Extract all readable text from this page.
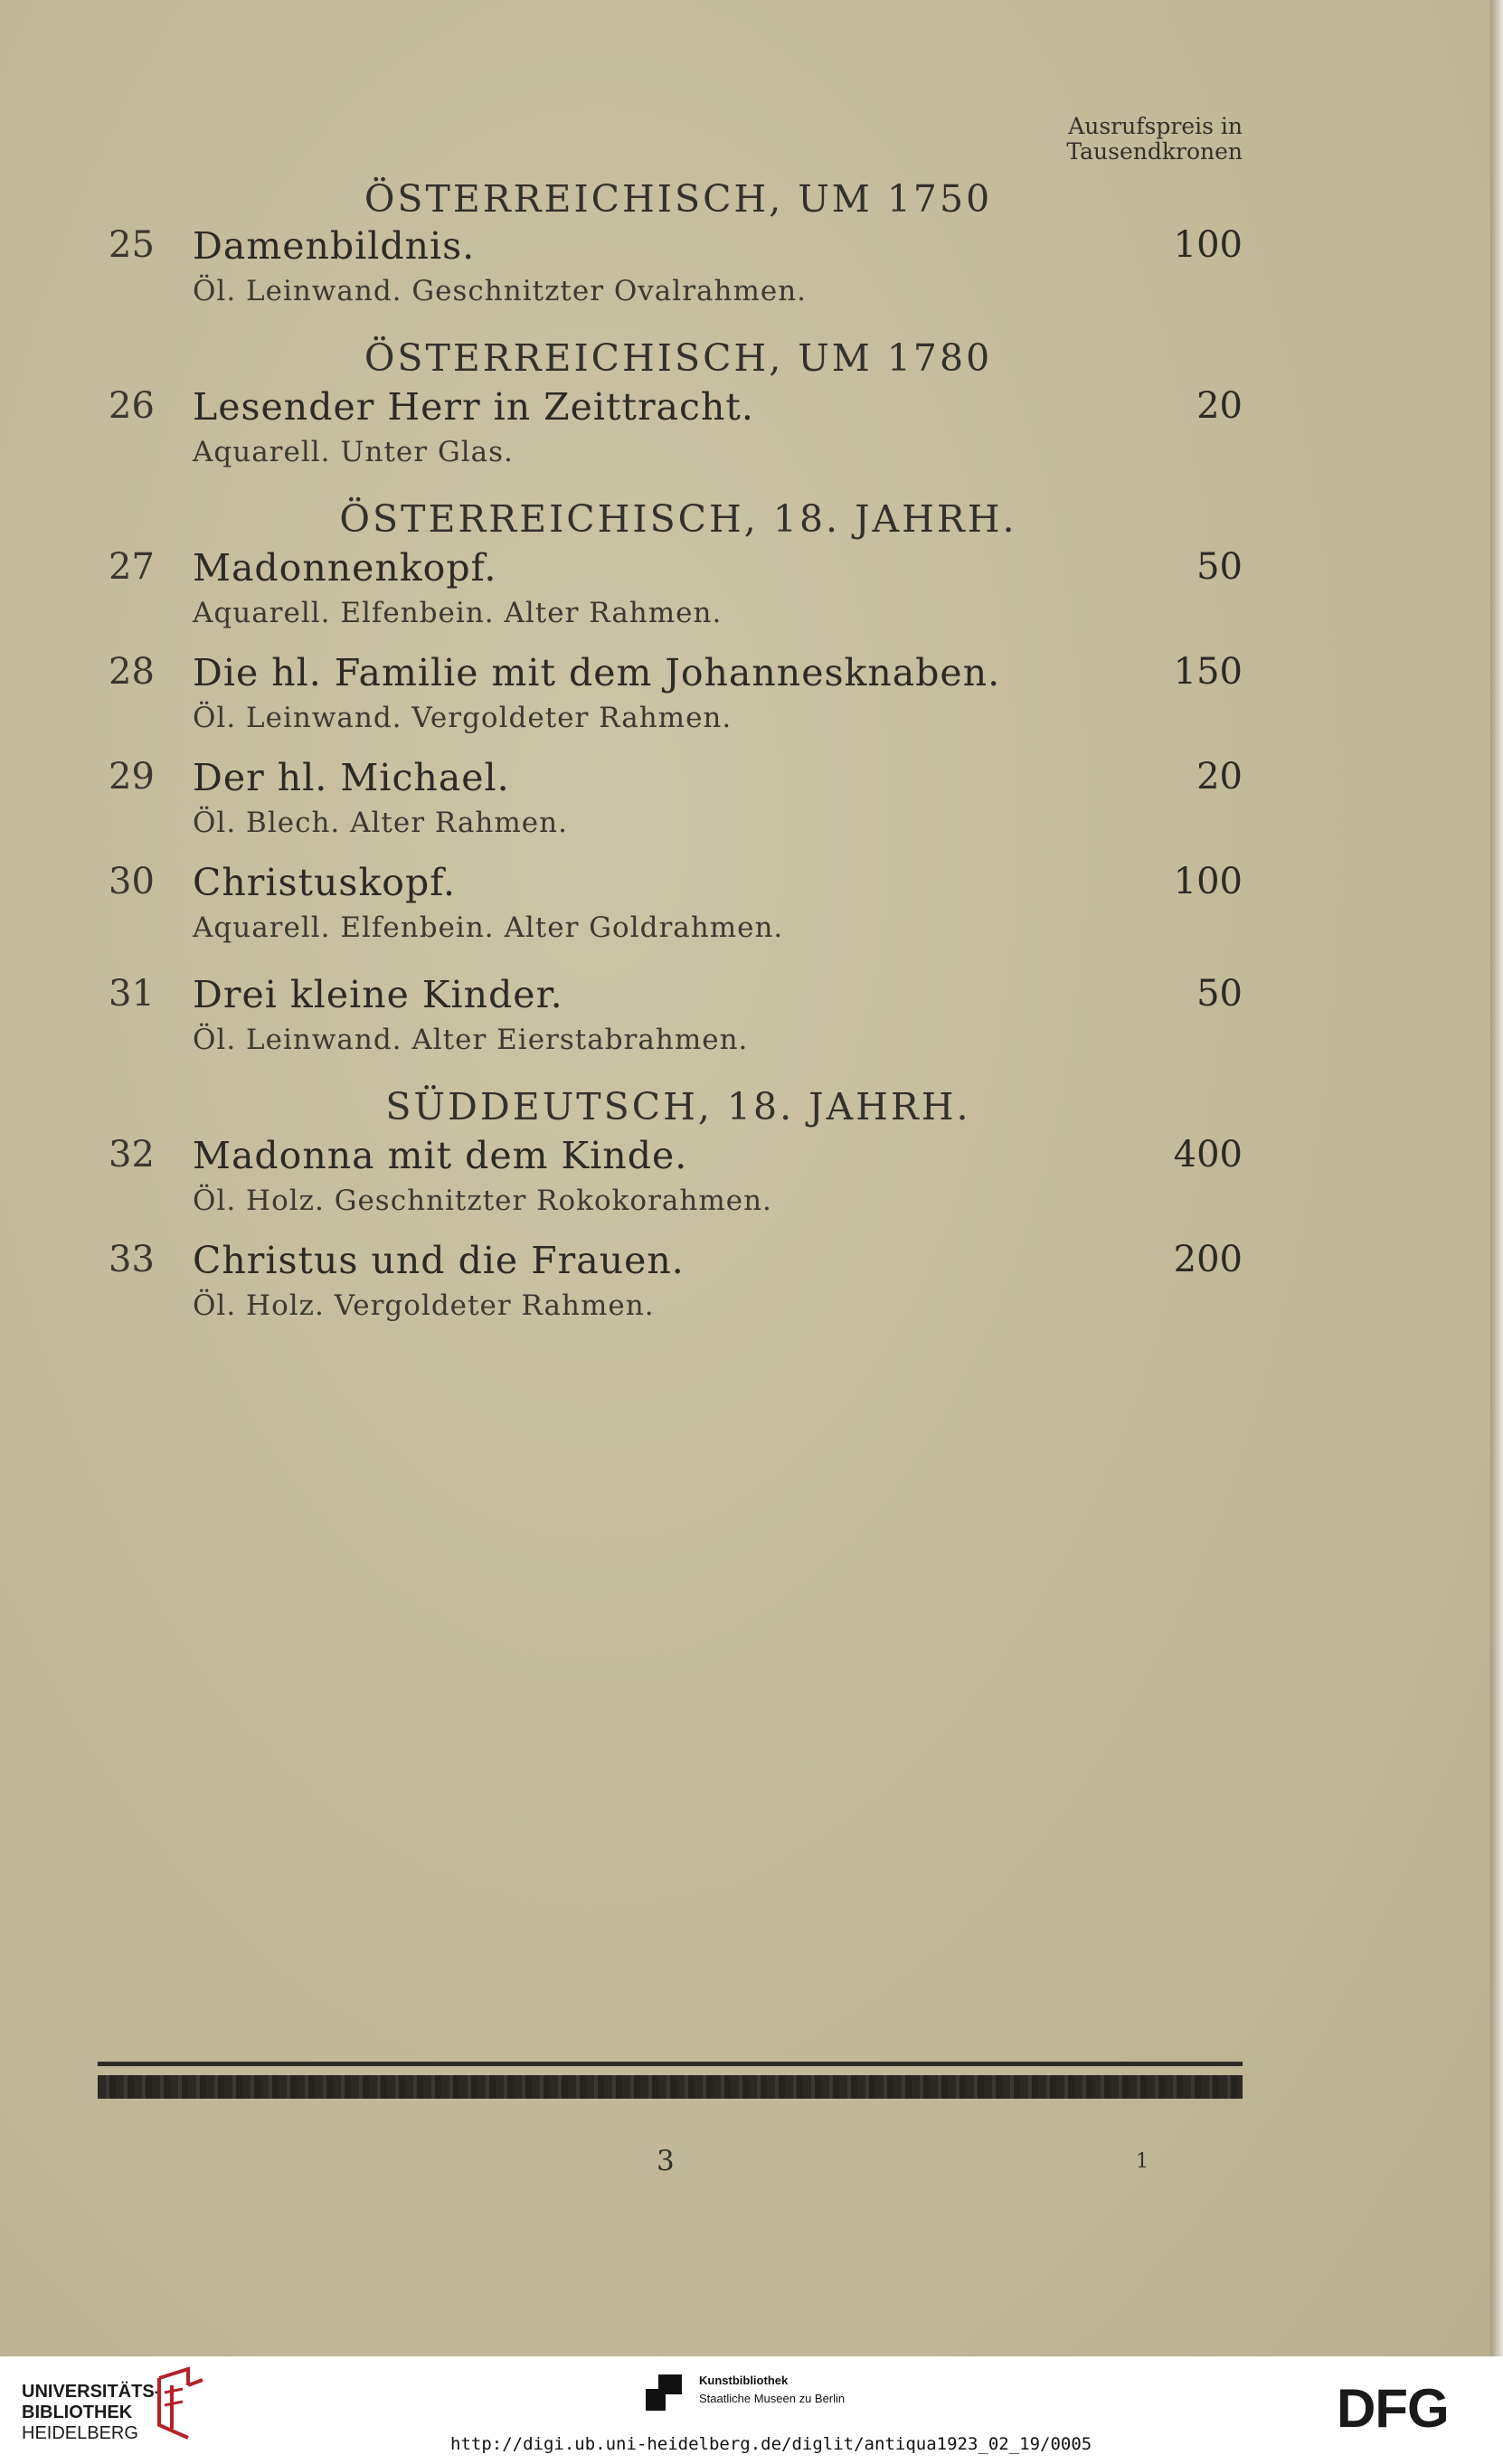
Ausrufspreis in
Tausendkronen
ÖSTERREICHISCH, UM 1750
25 Damenbildnis.	100
Öl. Leinwand. Geschnitzter Ovalrahmen.
ÖSTERREICHISCH, UM 1780
26 Lesender Herr in Zeittracht.	20
Aquarell. Unter Glas.
ÖSTERREICHISCH, 18. JAHRH.
27 Madonnenkopf.	50
Aquarell. Elfenbein. Alter Rahmen.
28 Die hl. Familie mit dem Johannesknaben.	150
Öl. Leinwand. Vergoldeter Rahmen.
29 Der hl. Michael.	20
Öl. Blech. Alter Rahmen.
30 Christuskopf.	100
Aquarell. Elfenbein. Alter Goldrahmen.
31 Drei kleine Kinder.	50
Öl. Leinwand. Alter Eierstabrahmen.
SÜDDEUTSCH, 18. JAHRH.
32 Madonna mit dem Kinde.	400
Öl. Holz. Geschnitzter Rokokorahmen.
33 Christus und die Frauen.	200
Öl. Holz. Vergoldeter Rahmen.
3	1
UNIVERSITÄTS-
BIBLIOTHEK
HEIDELBERG
Kunstbibliothek
Staatliche Museen zu Berlin	DFG
http://digi.ub.uni-heidelberg.de/diglit/antiqua1923_02_19/0005
